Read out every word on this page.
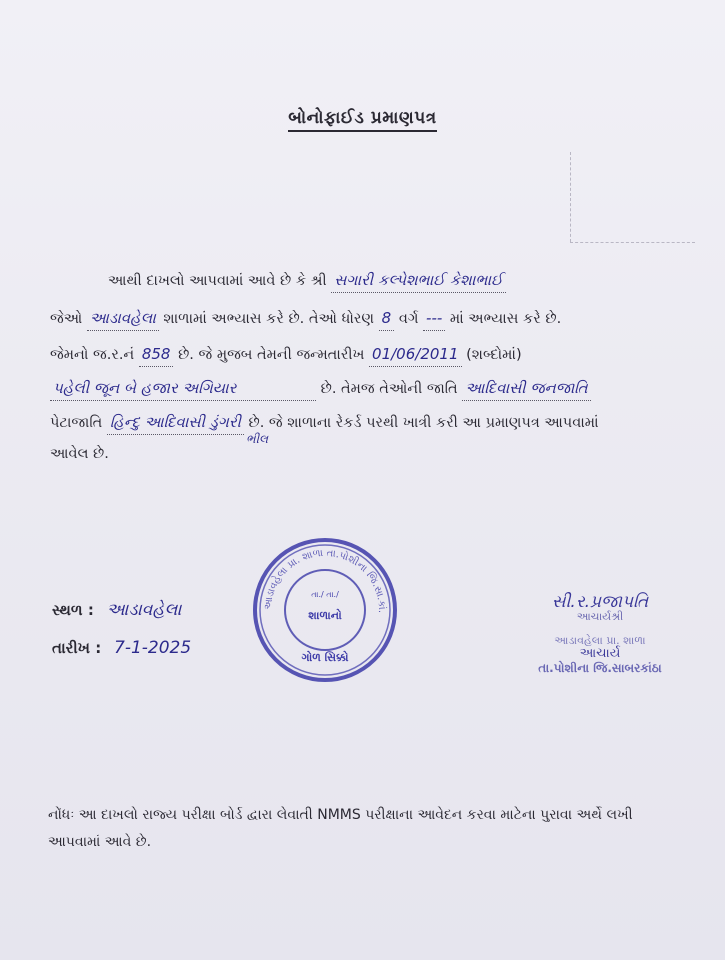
બોનોફાઈડ પ્રમાણપત્ર
આથી દાખલો આપવામાં આવે છે કે શ્રી સગારી કલ્પેશભાઈ કેશાભાઈ
જેઓ આડાવહેલા શાળામાં અભ્યાસ કરે છે. તેઓ ધોરણ 8 વર્ગ --- માં અભ્યાસ કરે છે.
જેમનો જ.ર.નં 858 છે. જે મુજબ તેમની જન્મતારીખ 01/06/2011 (શબ્દોમાં)
પહેલી જૂન બે હજાર અગિયાર	છે. તેમજ તેઓની જાતિ આદિવાસી જનજાતિ
પેટાજાતિ હિન્દુ આદિવાસી ડુંગરી છે. જે શાળાના રેકર્ડ પરથી ખાત્રી કરી આ પ્રમાણપત્ર આપવામાં
ભીલ
આવેલ છે.
સ્થળ : આડાવહેલા
તારીખ : 7-1-2025
આડાવહેલા પ્રા. શાળા તા.પોશીના જિ.સા.કાં.
તા./ તા./
શાળાનો
ગોળ સિક્કો
સી.ર.પ્રજાપતિ
આચાર્યશ્રી
આડાવહેલા પ્રા. શાળા
આચાર્ય
તા.પોશીના જિ.સાબરકાંઠા
નોંધઃ આ દાખલો રાજ્ય પરીક્ષા બોર્ડ દ્વારા લેવાતી NMMS પરીક્ષાના આવેદન કરવા માટેના પુરાવા અર્થે લખી આપવામાં આવે છે.
